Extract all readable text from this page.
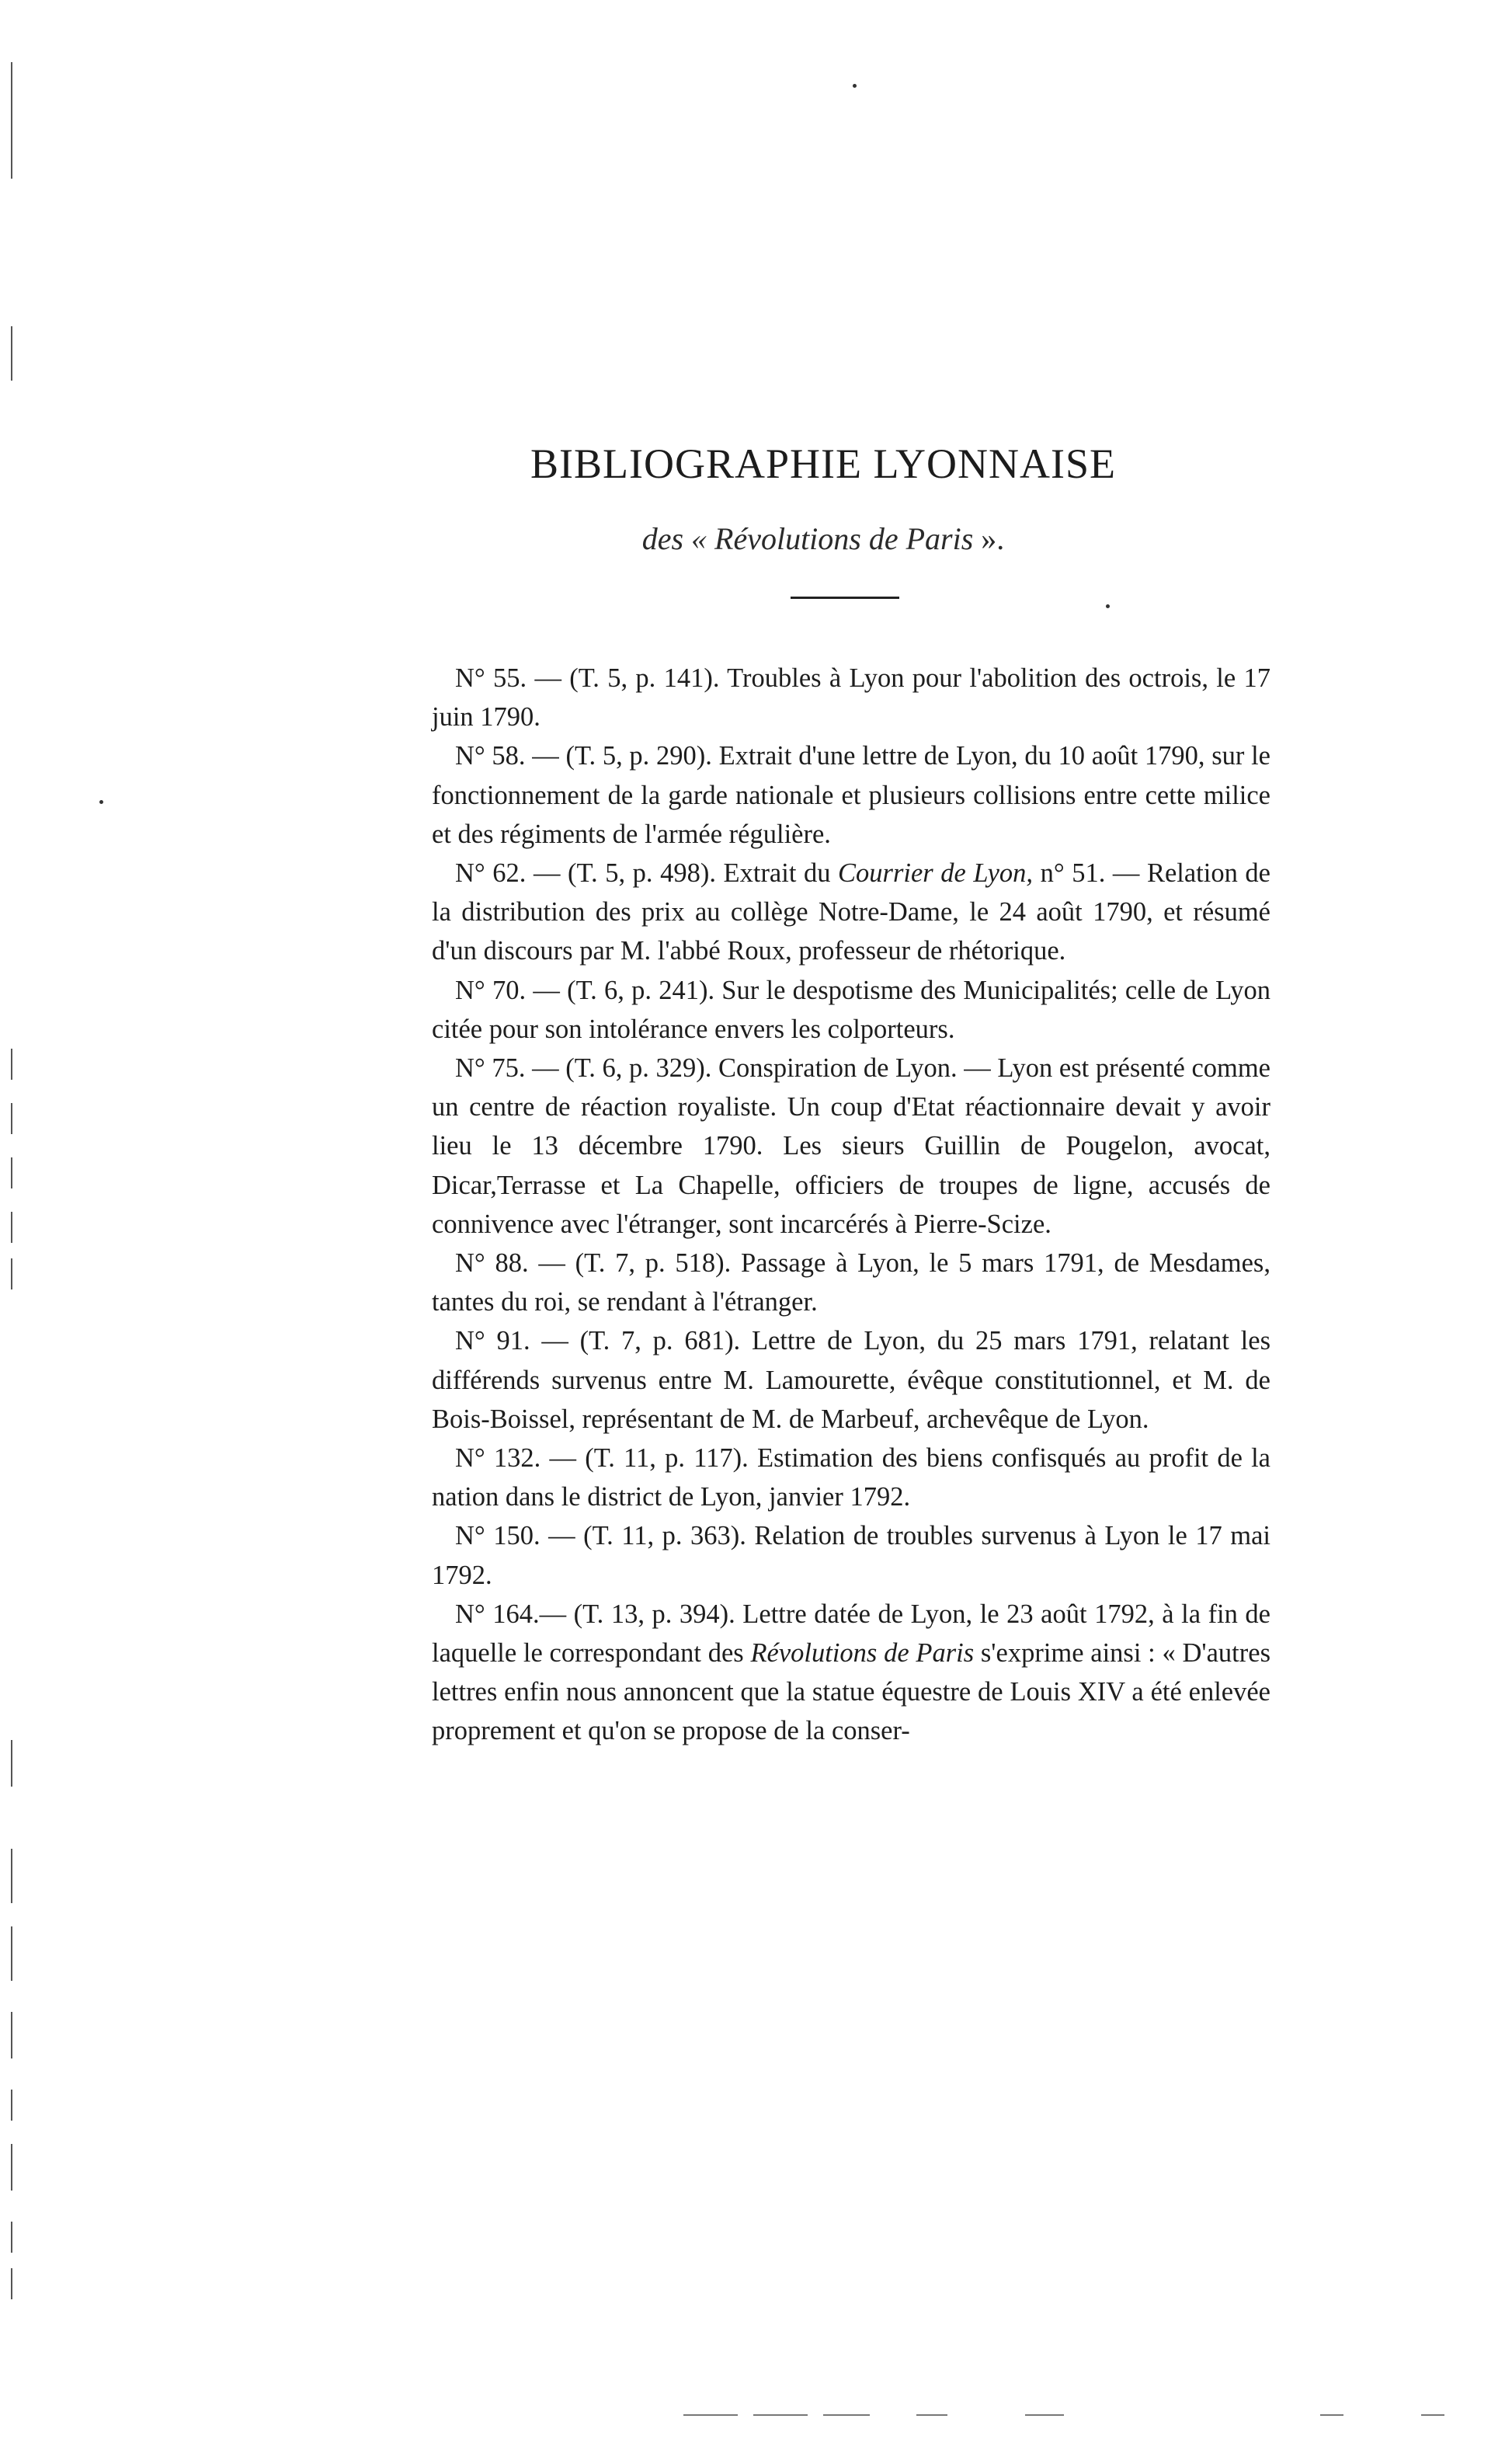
BIBLIOGRAPHIE LYONNAISE
des « Révolutions de Paris ».

N° 55. — (T. 5, p. 141). Troubles à Lyon pour l'abolition des octrois, le 17 juin 1790.

N° 58. — (T. 5, p. 290). Extrait d'une lettre de Lyon, du 10 août 1790, sur le fonctionnement de la garde nationale et plusieurs collisions entre cette milice et des régiments de l'armée régulière.

N° 62. — (T. 5, p. 498). Extrait du Courrier de Lyon, n° 51. — Relation de la distribution des prix au collège Notre-Dame, le 24 août 1790, et résumé d'un discours par M. l'abbé Roux, professeur de rhétorique.

N° 70. — (T. 6, p. 241). Sur le despotisme des Municipalités; celle de Lyon citée pour son intolérance envers les colporteurs.

N° 75. — (T. 6, p. 329). Conspiration de Lyon. — Lyon est présenté comme un centre de réaction royaliste. Un coup d'Etat réactionnaire devait y avoir lieu le 13 décembre 1790. Les sieurs Guillin de Pougelon, avocat, Dicar,Terrasse et La Chapelle, officiers de troupes de ligne, accusés de connivence avec l'étranger, sont incarcérés à Pierre-Scize.

N° 88. — (T. 7, p. 518). Passage à Lyon, le 5 mars 1791, de Mesdames, tantes du roi, se rendant à l'étranger.

N° 91. — (T. 7, p. 681). Lettre de Lyon, du 25 mars 1791, relatant les différends survenus entre M. Lamourette, évêque constitutionnel, et M. de Bois-Boissel, représentant de M. de Marbeuf, archevêque de Lyon.

N° 132. — (T. 11, p. 117). Estimation des biens confisqués au profit de la nation dans le district de Lyon, janvier 1792.

N° 150. — (T. 11, p. 363). Relation de troubles survenus à Lyon le 17 mai 1792.

N° 164.— (T. 13, p. 394). Lettre datée de Lyon, le 23 août 1792, à la fin de laquelle le correspondant des Révolutions de Paris s'exprime ainsi : « D'autres lettres enfin nous annoncent que la statue équestre de Louis XIV a été enlevée proprement et qu'on se propose de la conser-
